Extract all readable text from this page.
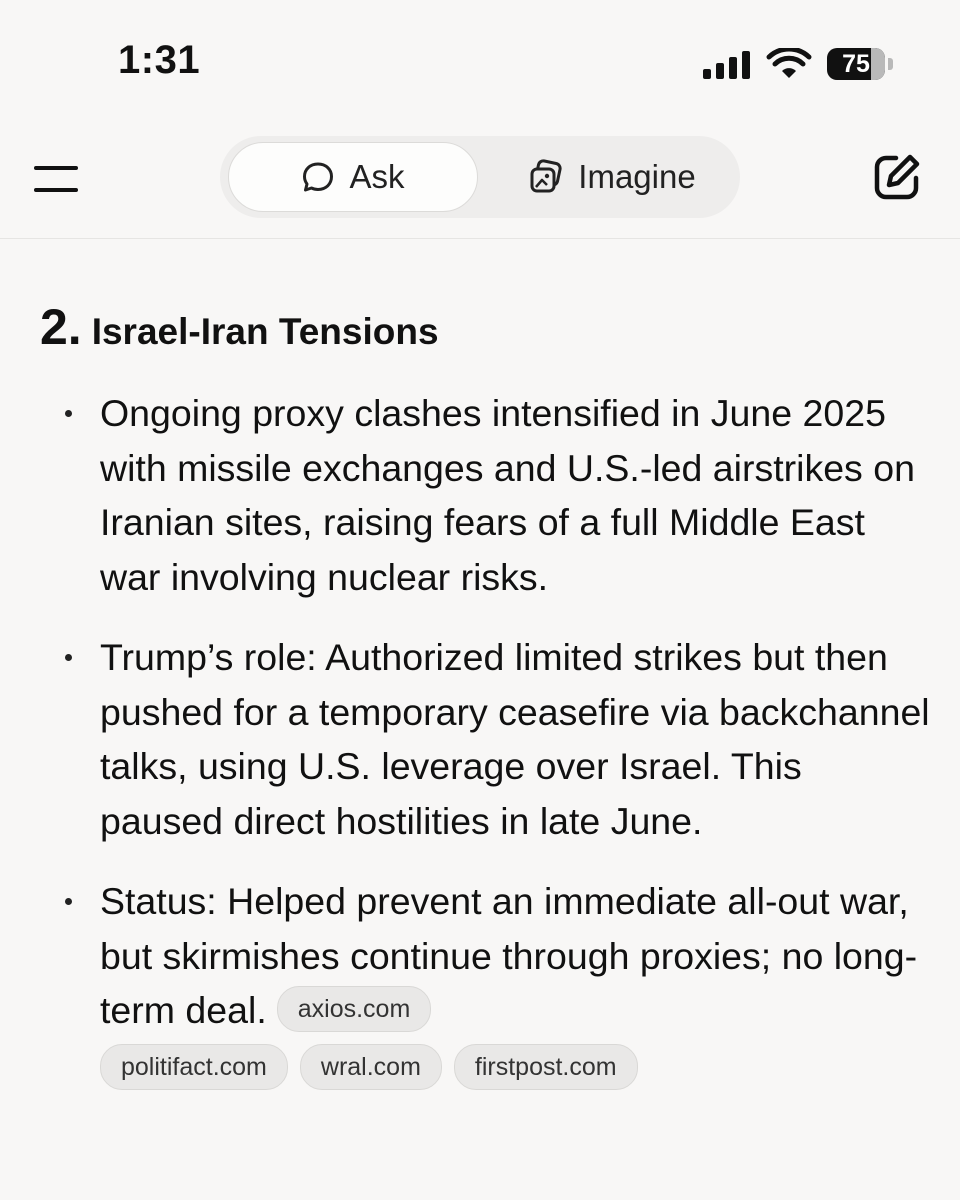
1:31	75
Ask	Imagine
2. Israel-Iran Tensions
Ongoing proxy clashes intensified in June 2025 with missile exchanges and U.S.-led airstrikes on Iranian sites, raising fears of a full Middle East war involving nuclear risks.
Trump’s role: Authorized limited strikes but then pushed for a temporary ceasefire via backchannel talks, using U.S. leverage over Israel. This paused direct hostilities in late June.
Status: Helped prevent an immediate all-out war, but skirmishes continue through proxies; no long-term deal. axios.com
politifact.com	wral.com	firstpost.com
